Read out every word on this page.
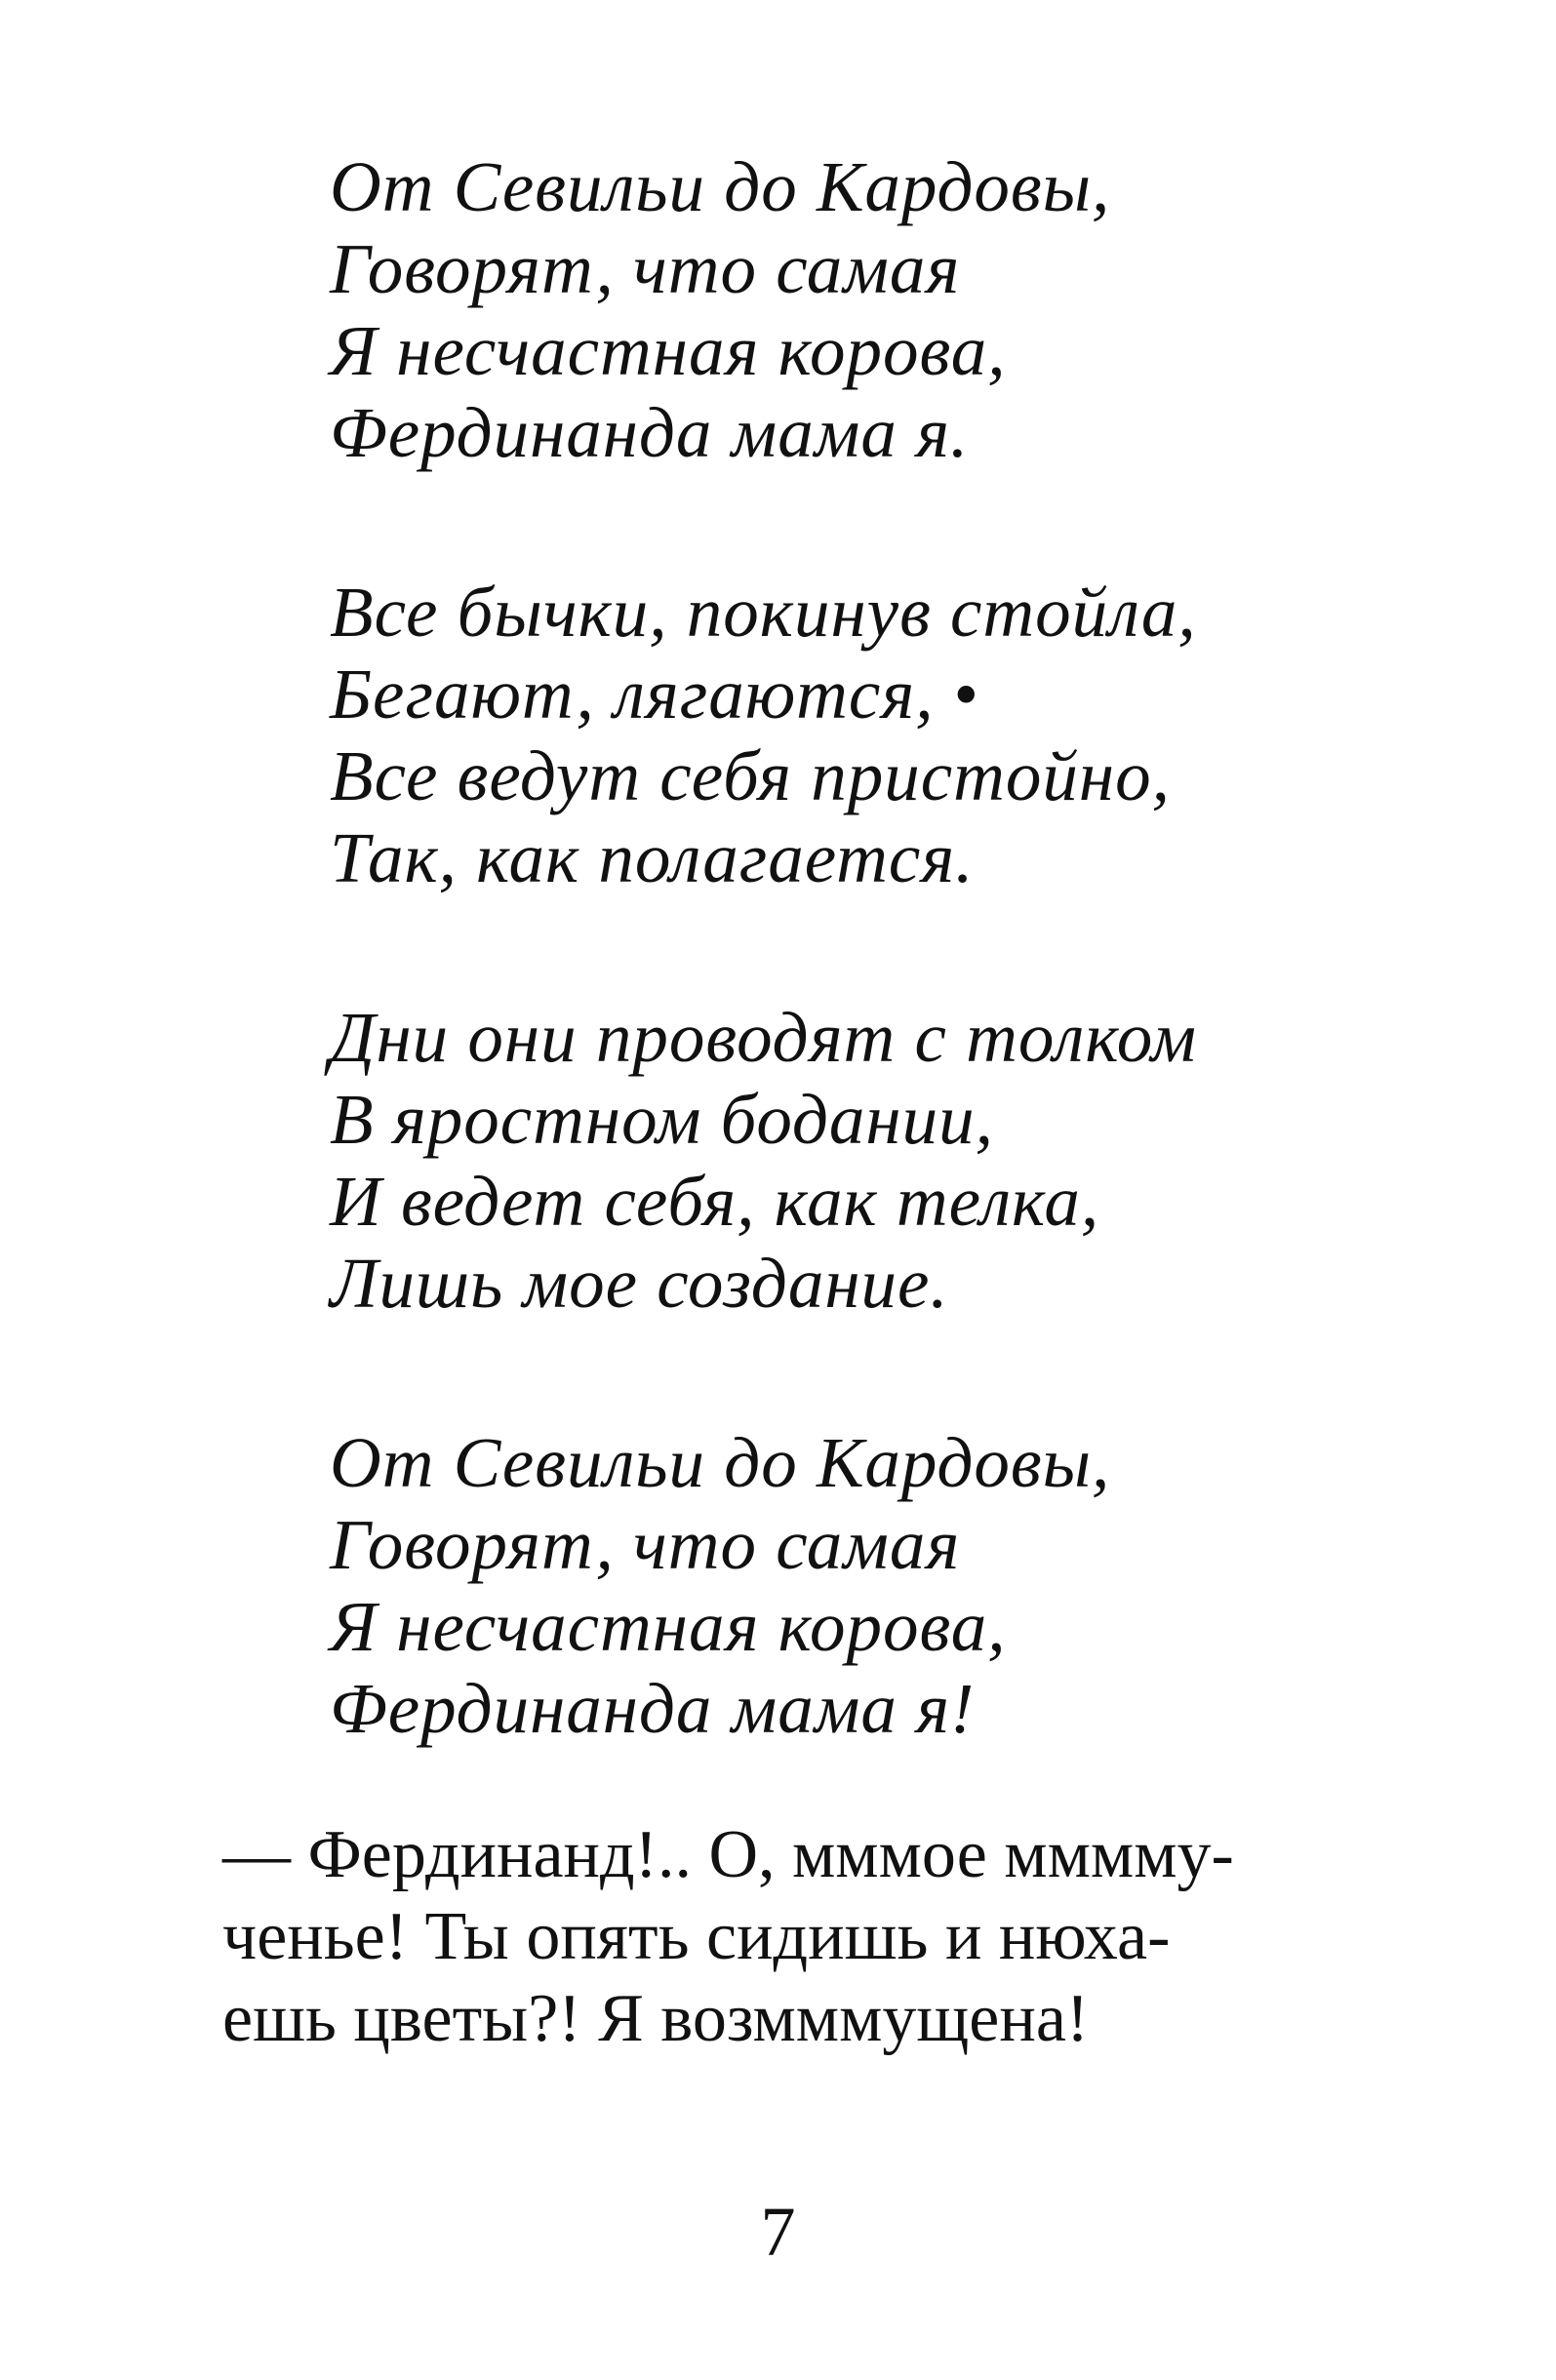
От Севильи до Кардовы,
Говорят, что самая
Я несчастная корова,
Фердинанда мама я.
Все бычки, покинув стойла,
Бегают, лягаются, •
Все ведут себя пристойно,
Так, как полагается.
Дни они проводят с толком
В яростном бодании,
И ведет себя, как телка,
Лишь мое создание.
От Севильи до Кардовы,
Говорят, что самая
Я несчастная корова,
Фердинанда мама я!
— Фердинанд!.. О, мммое мммму-
ченье! Ты опять сидишь и нюха-
ешь цветы?! Я возмммущена!
7
